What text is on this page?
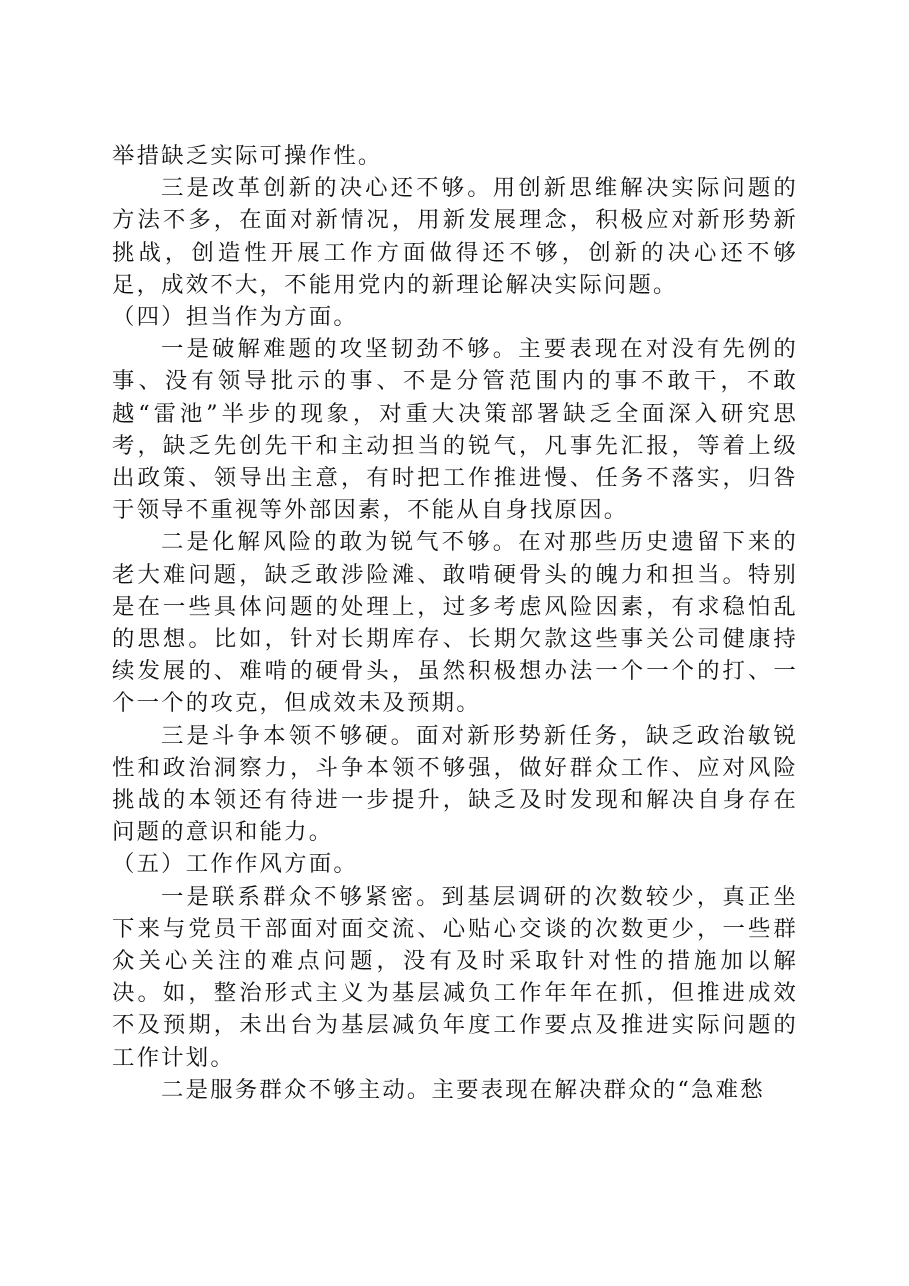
举措缺乏实际可操作性。

三是改革创新的决心还不够。用创新思维解决实际问题的方法不多，在面对新情况，用新发展理念，积极应对新形势新挑战，创造性开展工作方面做得还不够，创新的决心还不够足，成效不大，不能用党内的新理论解决实际问题。

（四）担当作为方面。

一是破解难题的攻坚韧劲不够。主要表现在对没有先例的事、没有领导批示的事、不是分管范围内的事不敢干，不敢越“雷池”半步的现象，对重大决策部署缺乏全面深入研究思考，缺乏先创先干和主动担当的锐气，凡事先汇报，等着上级出政策、领导出主意，有时把工作推进慢、任务不落实，归咎于领导不重视等外部因素，不能从自身找原因。

二是化解风险的敢为锐气不够。在对那些历史遗留下来的老大难问题，缺乏敢涉险滩、敢啃硬骨头的魄力和担当。特别是在一些具体问题的处理上，过多考虑风险因素，有求稳怕乱的思想。比如，针对长期库存、长期欠款这些事关公司健康持续发展的、难啃的硬骨头，虽然积极想办法一个一个的打、一个一个的攻克，但成效未及预期。

三是斗争本领不够硬。面对新形势新任务，缺乏政治敏锐性和政治洞察力，斗争本领不够强，做好群众工作、应对风险挑战的本领还有待进一步提升，缺乏及时发现和解决自身存在问题的意识和能力。

（五）工作作风方面。

一是联系群众不够紧密。到基层调研的次数较少，真正坐下来与党员干部面对面交流、心贴心交谈的次数更少，一些群众关心关注的难点问题，没有及时采取针对性的措施加以解决。如，整治形式主义为基层减负工作年年在抓，但推进成效不及预期，未出台为基层减负年度工作要点及推进实际问题的工作计划。

二是服务群众不够主动。主要表现在解决群众的“急难愁
